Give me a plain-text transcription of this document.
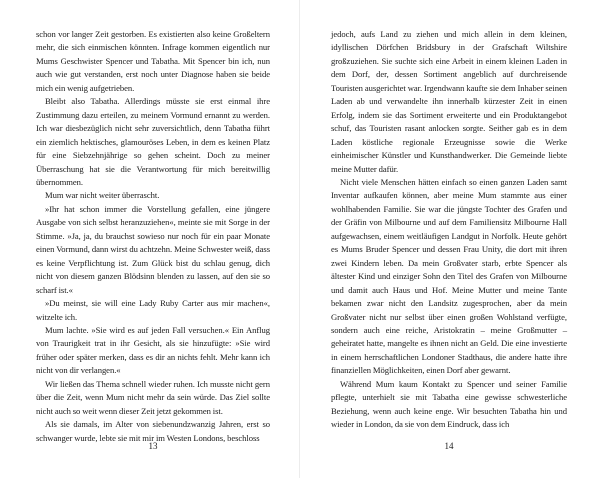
schon vor langer Zeit gestorben. Es existierten also keine Großeltern mehr, die sich einmischen könnten. Infrage kommen eigentlich nur Mums Geschwister Spencer und Tabatha. Mit Spencer bin ich, nun auch wie gut verstanden, erst noch unter Diagnose haben sie beide mich ein wenig aufgetrieben.

Bleibt also Tabatha. Allerdings müsste sie erst einmal ihre Zustimmung dazu erteilen, zu meinem Vormund ernannt zu werden. Ich war diesbezüglich nicht sehr zuversichtlich, denn Tabatha führt ein ziemlich hektisches, glamouröses Leben, in dem es keinen Platz für eine Siebzehnjährige so gehen scheint. Doch zu meiner Überraschung hat sie die Verantwortung für mich bereitwillig übernommen.

Mum war nicht weiter überrascht.

»Ihr hat schon immer die Vorstellung gefallen, eine jüngere Ausgabe von sich selbst heranzuziehen«, meinte sie mit Sorge in der Stimme. »Ja, ja, du brauchst sowieso nur noch für ein paar Monate einen Vormund, dann wirst du achtzehn. Meine Schwester weiß, dass es keine Verpflichtung ist. Zum Glück bist du schlau genug, dich nicht von diesem ganzen Blödsinn blenden zu lassen, auf den sie so scharf ist.«

»Du meinst, sie will eine Lady Ruby Carter aus mir machen«, witzelte ich.

Mum lachte. »Sie wird es auf jeden Fall versuchen.« Ein Anflug von Traurigkeit trat in ihr Gesicht, als sie hinzufügte: »Sie wird früher oder später merken, dass es dir an nichts fehlt. Mehr kann ich nicht von dir verlangen.«

Wir ließen das Thema schnell wieder ruhen. Ich musste nicht gern über die Zeit, wenn Mum nicht mehr da sein würde. Das Ziel sollte nicht auch so weit wenn dieser Zeit jetzt gekommen ist.

Als sie damals, im Alter von siebenundzwanzig Jahren, erst so schwanger wurde, lebte sie mit mir im Westen Londons, beschloss

13

jedoch, aufs Land zu ziehen und mich allein in dem kleinen, idyllischen Dörfchen Bridsbury in der Grafschaft Wiltshire großzuziehen. Sie suchte sich eine Arbeit in einem kleinen Laden in dem Dorf, der, dessen Sortiment angeblich auf durchreisende Touristen ausgerichtet war. Irgendwann kaufte sie dem Inhaber seinen Laden ab und verwandelte ihn innerhalb kürzester Zeit in einen Erfolg, indem sie das Sortiment erweiterte und ein Produktangebot schuf, das Touristen rasant anlocken sorgte. Seither gab es in dem Laden köstliche regionale Erzeugnisse sowie die Werke einheimischer Künstler und Kunsthandwerker. Die Gemeinde liebte meine Mutter dafür.

Nicht viele Menschen hätten einfach so einen ganzen Laden samt Inventar aufkaufen können, aber meine Mum stammte aus einer wohlhabenden Familie. Sie war die jüngste Tochter des Grafen und der Gräfin von Milbourne und auf dem Familiensitz Milbourne Hall aufgewachsen, einem weitläufigen Landgut in Norfolk. Heute gehört es Mums Bruder Spencer und dessen Frau Unity, die dort mit ihren zwei Kindern leben. Da mein Großvater starb, erbte Spencer als ältester Kind und einziger Sohn den Titel des Grafen von Milbourne und damit auch Haus und Hof. Meine Mutter und meine Tante bekamen zwar nicht den Landsitz zugesprochen, aber da mein Großvater nicht nur selbst über einen großen Wohlstand verfügte, sondern auch eine reiche, Aristokratin – meine Großmutter – geheiratet hatte, mangelte es ihnen nicht an Geld. Die eine investierte in einem herrschaftlichen Londoner Stadthaus, die andere hatte ihre finanziellen Möglichkeiten, einen Dorf aber gewarnt.

Während Mum kaum Kontakt zu Spencer und seiner Familie pflegte, unterhielt sie mit Tabatha eine gewisse schwesterliche Beziehung, wenn auch keine enge. Wir besuchten Tabatha hin und wieder in London, da sie von dem Eindruck, dass ich

14
